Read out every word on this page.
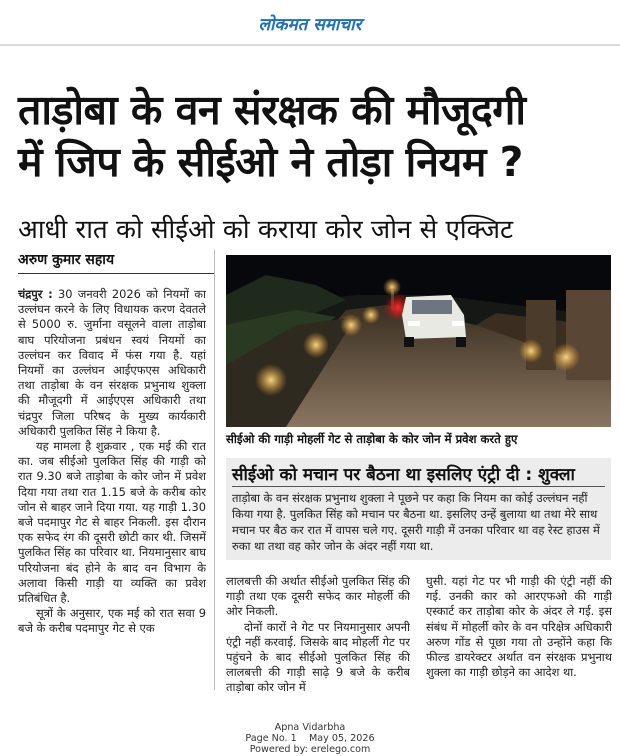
लोकमत समाचार
ताड़ोबा के वन संरक्षक की मौजूदगी
में जिप के सीईओ ने तोड़ा नियम ?
आधी रात को सीईओ को कराया कोर जोन से एक्जिट
अरुण कुमार सहाय

चंद्रपुर : 30 जनवरी 2026 को नियमों का उल्लंघन करने के लिए विधायक करण देवतले से 5000 रु. जुर्माना वसूलने वाला ताड़ोबा बाघ परियोजना प्रबंधन स्वयं नियमों का उल्लंघन कर विवाद में फंस गया है. यहां नियमों का उल्लंघन आईएफएस अधिकारी तथा ताड़ोबा के वन संरक्षक प्रभुनाथ शुक्ला की मौजूदगी में आईएएस अधिकारी तथा चंद्रपुर जिला परिषद के मुख्य कार्यकारी अधिकारी पुलकित सिंह ने किया है.

यह मामला है शुक्रवार , एक मई की रात का. जब सीईओ पुलकित सिंह की गाड़ी को रात 9.30 बजे ताड़ोबा के कोर जोन में प्रवेश दिया गया तथा रात 1.15 बजे के करीब कोर जोन से बाहर जाने दिया गया. यह गाड़ी 1.30 बजे पदमापुर गेट से बाहर निकली. इस दौरान एक सफेद रंग की दूसरी छोटी कार थी. जिसमें पुलकित सिंह का परिवार था. नियमानुसार बाघ परियोजना बंद होने के बाद वन विभाग के अलावा किसी गाड़ी या व्यक्ति का प्रवेश प्रतिबंधित है.

सूत्रों के अनुसार, एक मई को रात सवा 9 बजे के करीब पदमापुर गेट से एक

सीईओ की गाड़ी मोहर्ली गेट से ताड़ोबा के कोर जोन में प्रवेश करते हुए
सीईओ को मचान पर बैठना था इसलिए एंट्री दी : शुक्ला
ताड़ोबा के वन संरक्षक प्रभुनाथ शुक्ला ने पूछने पर कहा कि नियम का कोई उल्लंघन नहीं किया गया है. पुलकित सिंह को मचान पर बैठना था. इसलिए उन्हें बुलाया था तथा मेरे साथ मचान पर बैठ कर रात में वापस चले गए. दूसरी गाड़ी में उनका परिवार था वह रेस्ट हाउस में रुका था तथा वह कोर जोन के अंदर नहीं गया था.

लालबत्ती की अर्थात सीईओ पुलकित सिंह की गाड़ी तथा एक दूसरी सफेद कार मोहर्ली की ओर निकली.

दोनों कारों ने गेट पर नियमानुसार अपनी एंट्री नहीं करवाई. जिसके बाद मोहर्ली गेट पर पहुंचने के बाद सीईओ पुलकित सिंह की लालबत्ती की गाड़ी साढ़े 9 बजे के करीब ताड़ोबा कोर जोन में

घुसी. यहां गेट पर भी गाड़ी की एंट्री नहीं की गई. उनकी कार को आरएफओ की गाड़ी एस्कार्ट कर ताड़ोबा कोर के अंदर ले गई. इस संबंध में मोहर्ली कोर के वन परिक्षेत्र अधिकारी अरुण गोंड से पूछा गया तो उन्होंने कहा कि फील्ड डायरेक्टर अर्थात वन संरक्षक प्रभुनाथ शुक्ला का गाड़ी छोड़ने का आदेश था.

Apna Vidarbha
Page No. 1    May 05, 2026
Powered by: erelego.com
